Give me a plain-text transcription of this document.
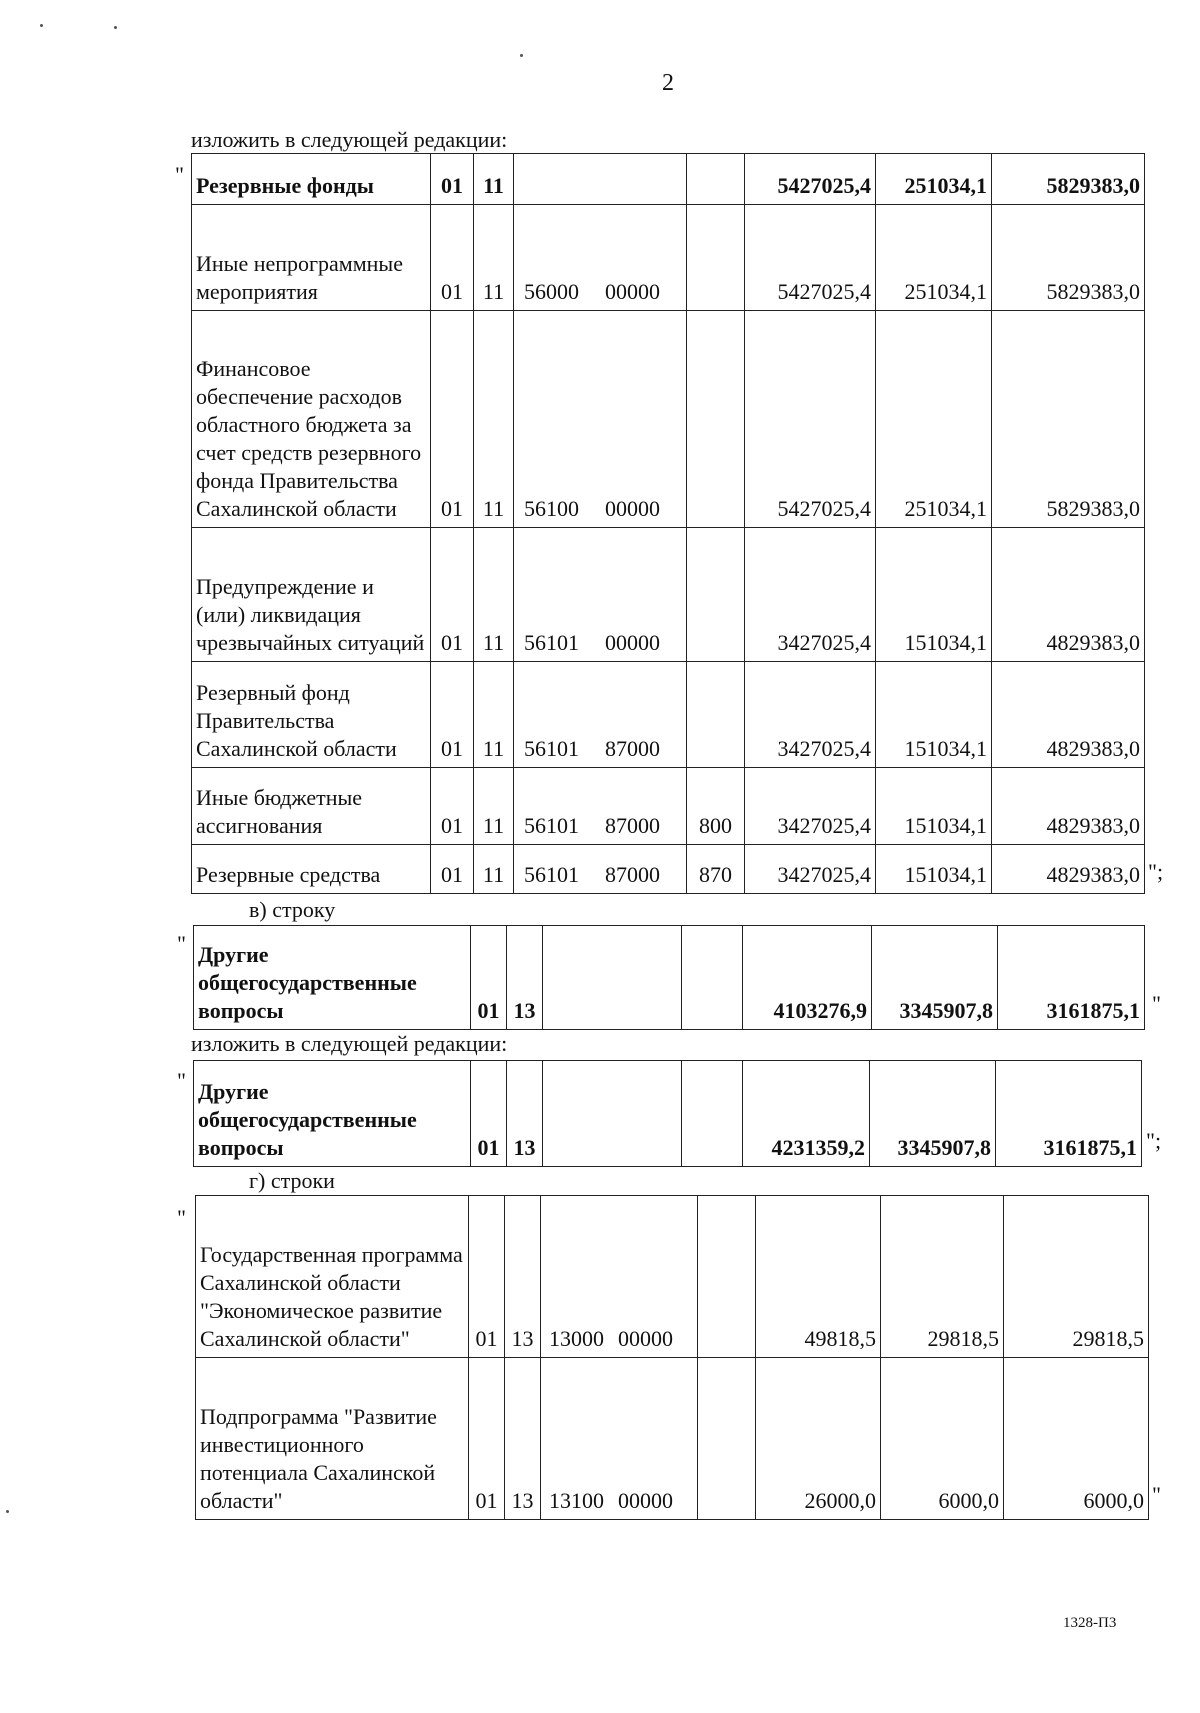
2
изложить в следующей редакции:
" Резервные фонды	01	11			5427025,4	251034,1	5829383,0
Иные непрограммные мероприятия	01	11	56000 00000		5427025,4	251034,1	5829383,0
Финансовое обеспечение расходов областного бюджета за счет средств резервного фонда Правительства Сахалинской области	01	11	56100 00000		5427025,4	251034,1	5829383,0
Предупреждение и (или) ликвидация чрезвычайных ситуаций	01	11	56101 00000		3427025,4	151034,1	4829383,0
Резервный фонд Правительства Сахалинской области	01	11	56101 87000		3427025,4	151034,1	4829383,0
Иные бюджетные ассигнования	01	11	56101 87000	800	3427025,4	151034,1	4829383,0
Резервные средства	01	11	56101 87000	870	3427025,4	151034,1	4829383,0 ";
в) строку
" Другие общегосударственные вопросы	01	13			4103276,9	3345907,8	3161875,1 "
изложить в следующей редакции:
" Другие общегосударственные вопросы	01	13			4231359,2	3345907,8	3161875,1 ";
г) строки
"
Государственная программа Сахалинской области "Экономическое развитие Сахалинской области"	01	13	13000 00000		49818,5	29818,5	29818,5
Подпрограмма "Развитие инвестиционного потенциала Сахалинской области"	01	13	13100 00000		26000,0	6000,0	6000,0 "
1328-П3
